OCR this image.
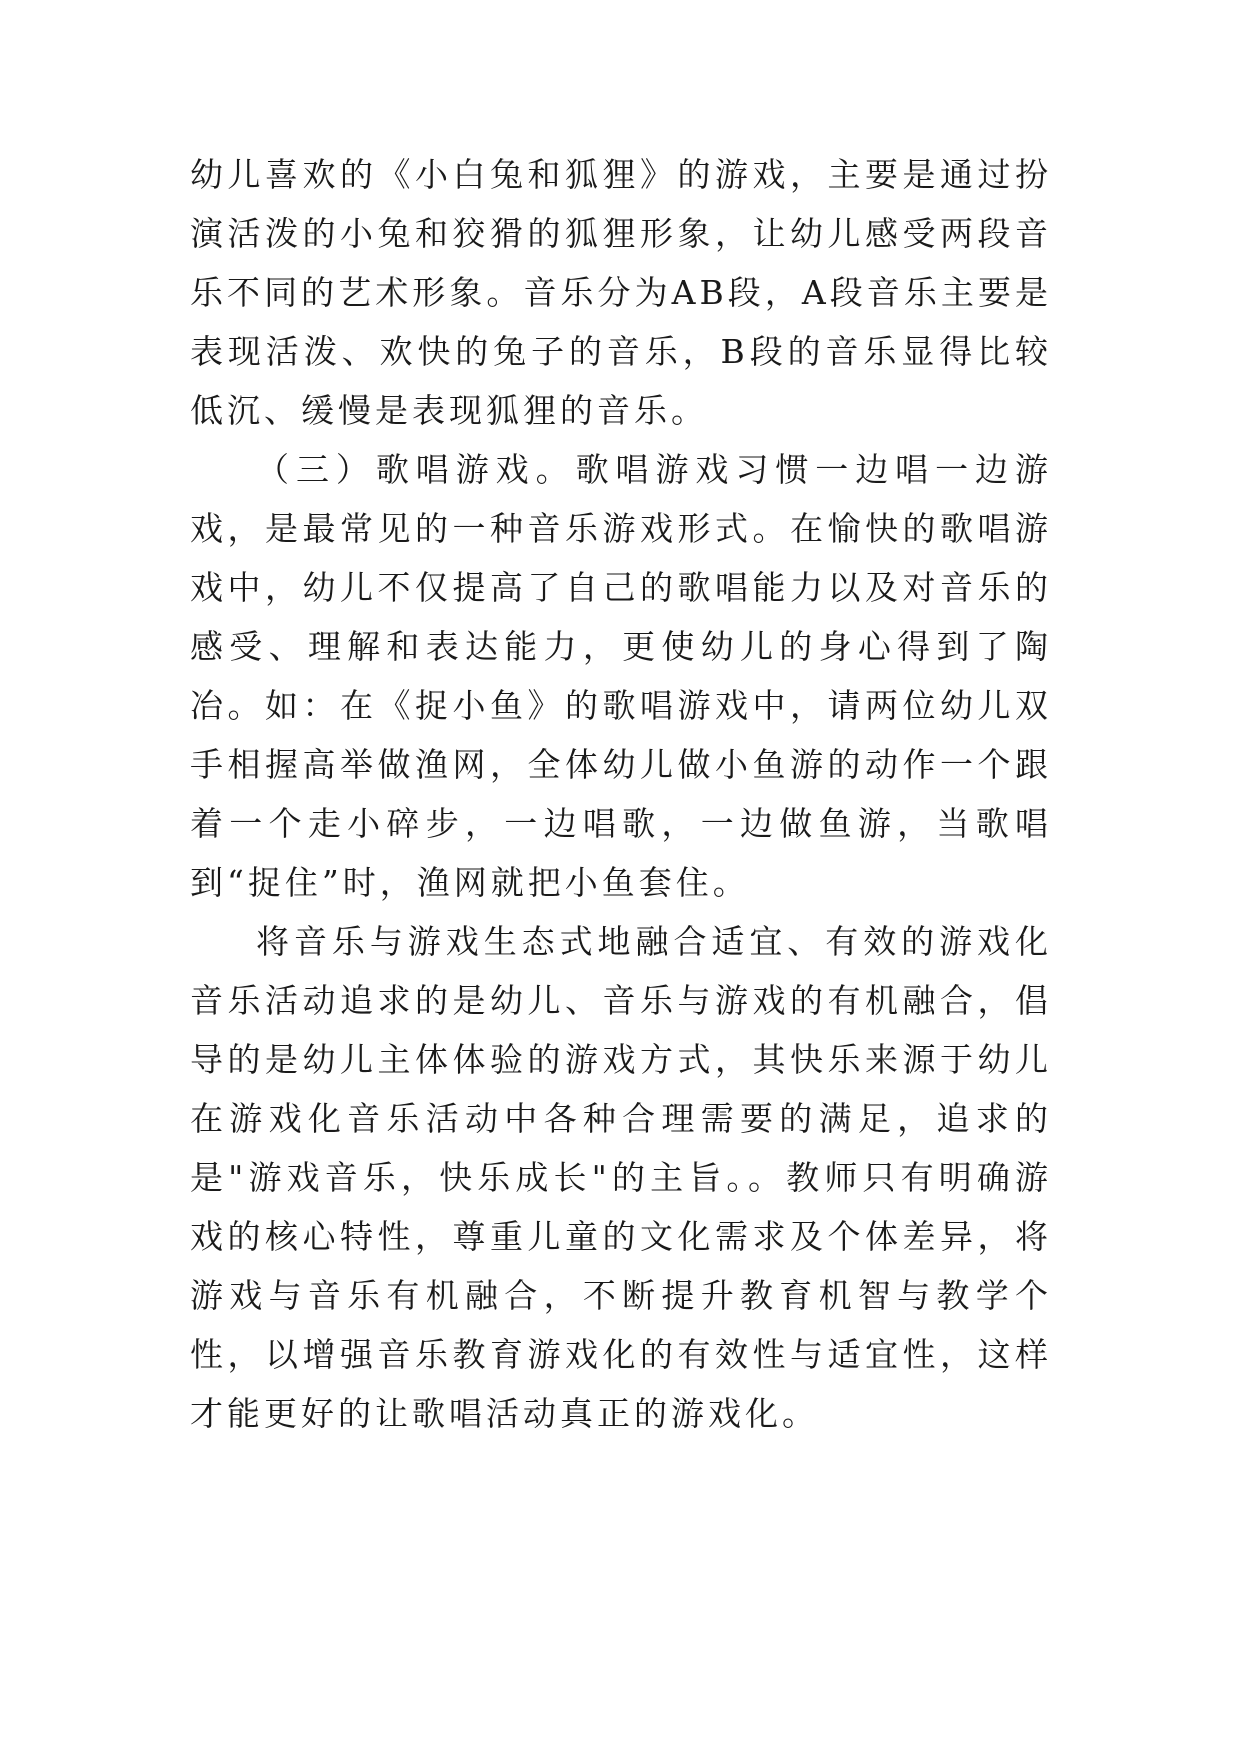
幼儿喜欢的《小白兔和狐狸》的游戏，主要是通过扮演活泼的小兔和狡猾的狐狸形象，让幼儿感受两段音乐不同的艺术形象。音乐分为AB段，A段音乐主要是表现活泼、欢快的兔子的音乐，B段的音乐显得比较低沉、缓慢是表现狐狸的音乐。

（三）歌唱游戏。歌唱游戏习惯一边唱一边游戏，是最常见的一种音乐游戏形式。在愉快的歌唱游戏中，幼儿不仅提高了自己的歌唱能力以及对音乐的感受、理解和表达能力，更使幼儿的身心得到了陶冶。如：在《捉小鱼》的歌唱游戏中，请两位幼儿双手相握高举做渔网，全体幼儿做小鱼游的动作一个跟着一个走小碎步，一边唱歌，一边做鱼游，当歌唱到“捉住”时，渔网就把小鱼套住。

将音乐与游戏生态式地融合适宜、有效的游戏化音乐活动追求的是幼儿、音乐与游戏的有机融合，倡导的是幼儿主体体验的游戏方式，其快乐来源于幼儿在游戏化音乐活动中各种合理需要的满足，追求的是"游戏音乐，快乐成长"的主旨。。教师只有明确游戏的核心特性，尊重儿童的文化需求及个体差异，将游戏与音乐有机融合，不断提升教育机智与教学个性，以增强音乐教育游戏化的有效性与适宜性，这样才能更好的让歌唱活动真正的游戏化。
